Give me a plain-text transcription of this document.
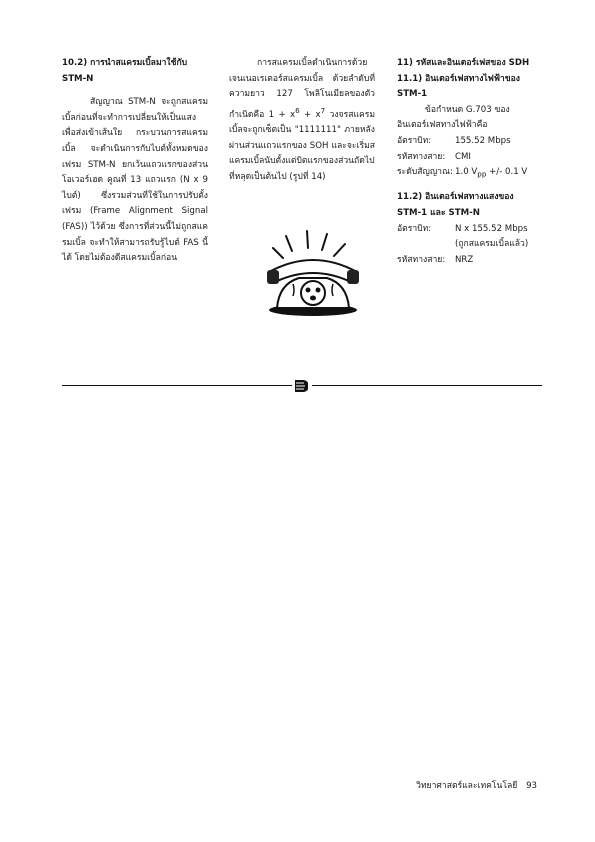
10.2) การนำสแครมเบิ้ลมาใช้กับ
STM-N

สัญญาณ STM-N จะถูกสแครมเบิ้ลก่อนที่จะทำการเปลี่ยนให้เป็นแสงเพื่อส่งเข้าเส้นใย กระบวนการสแครมเบิ้ล จะดำเนินการกับไบต์ทั้งหมดของเฟรม STM-N ยกเว้นแถวแรกของส่วนโอเวอร์เฮด คูณที่ 13 แถวแรก (N x 9 ไบต์) ซึ่งรวมส่วนที่ใช้ในการปรับตั้งเฟรม (Frame Alignment Signal (FAS)) ไว้ด้วย ซึ่งการที่ส่วนนี้ไม่ถูกสแครมเบิ้ล จะทำให้สามารถรับรู้ไบต์ FAS นี้ได้ โดยไม่ต้องดีสแครมเบิ้ลก่อน

การสแครมเบิ้ลดำเนินการด้วยเจนเนอเรเตอร์สแครมเบิ้ล ด้วยลำดับที่ความยาว 127 โพลิโนเมียลของตัวกำเนิดคือ $1 + x^6 + x^7$ วงจรสแครมเบิ้ลจะถูกเซ็ตเป็น "1111111" ภายหลังผ่านส่วนแถวแรกของ SOH และจะเริ่มสแครมเบิ้ลนับตั้งแต่บิตแรกของส่วนถัดไปที่หลุดเป็นต้นไป (รูปที่ 14)

11) รหัสและอินเตอร์เฟสของ SDH

11.1) อินเตอร์เฟสทางไฟฟ้าของ
STM-1

ข้อกำหนด G.703 ของอินเตอร์เฟสทางไฟฟ้าคือ

อัตราบิท:	155.52 Mbps
รหัสทางสาย:	CMI
ระดับสัญญาณ: 1.0 $V_{pp}$ +/- 0.1 V

11.2) อินเตอร์เฟสทางแสงของ
STM-1 และ STM-N

อัตราบิท:	N x 155.52 Mbps
(ถูกสแครมเบิ้ลแล้ว)
รหัสทางสาย:	NRZ
วิทยาศาสตร์และเทคโนโลยี 93
